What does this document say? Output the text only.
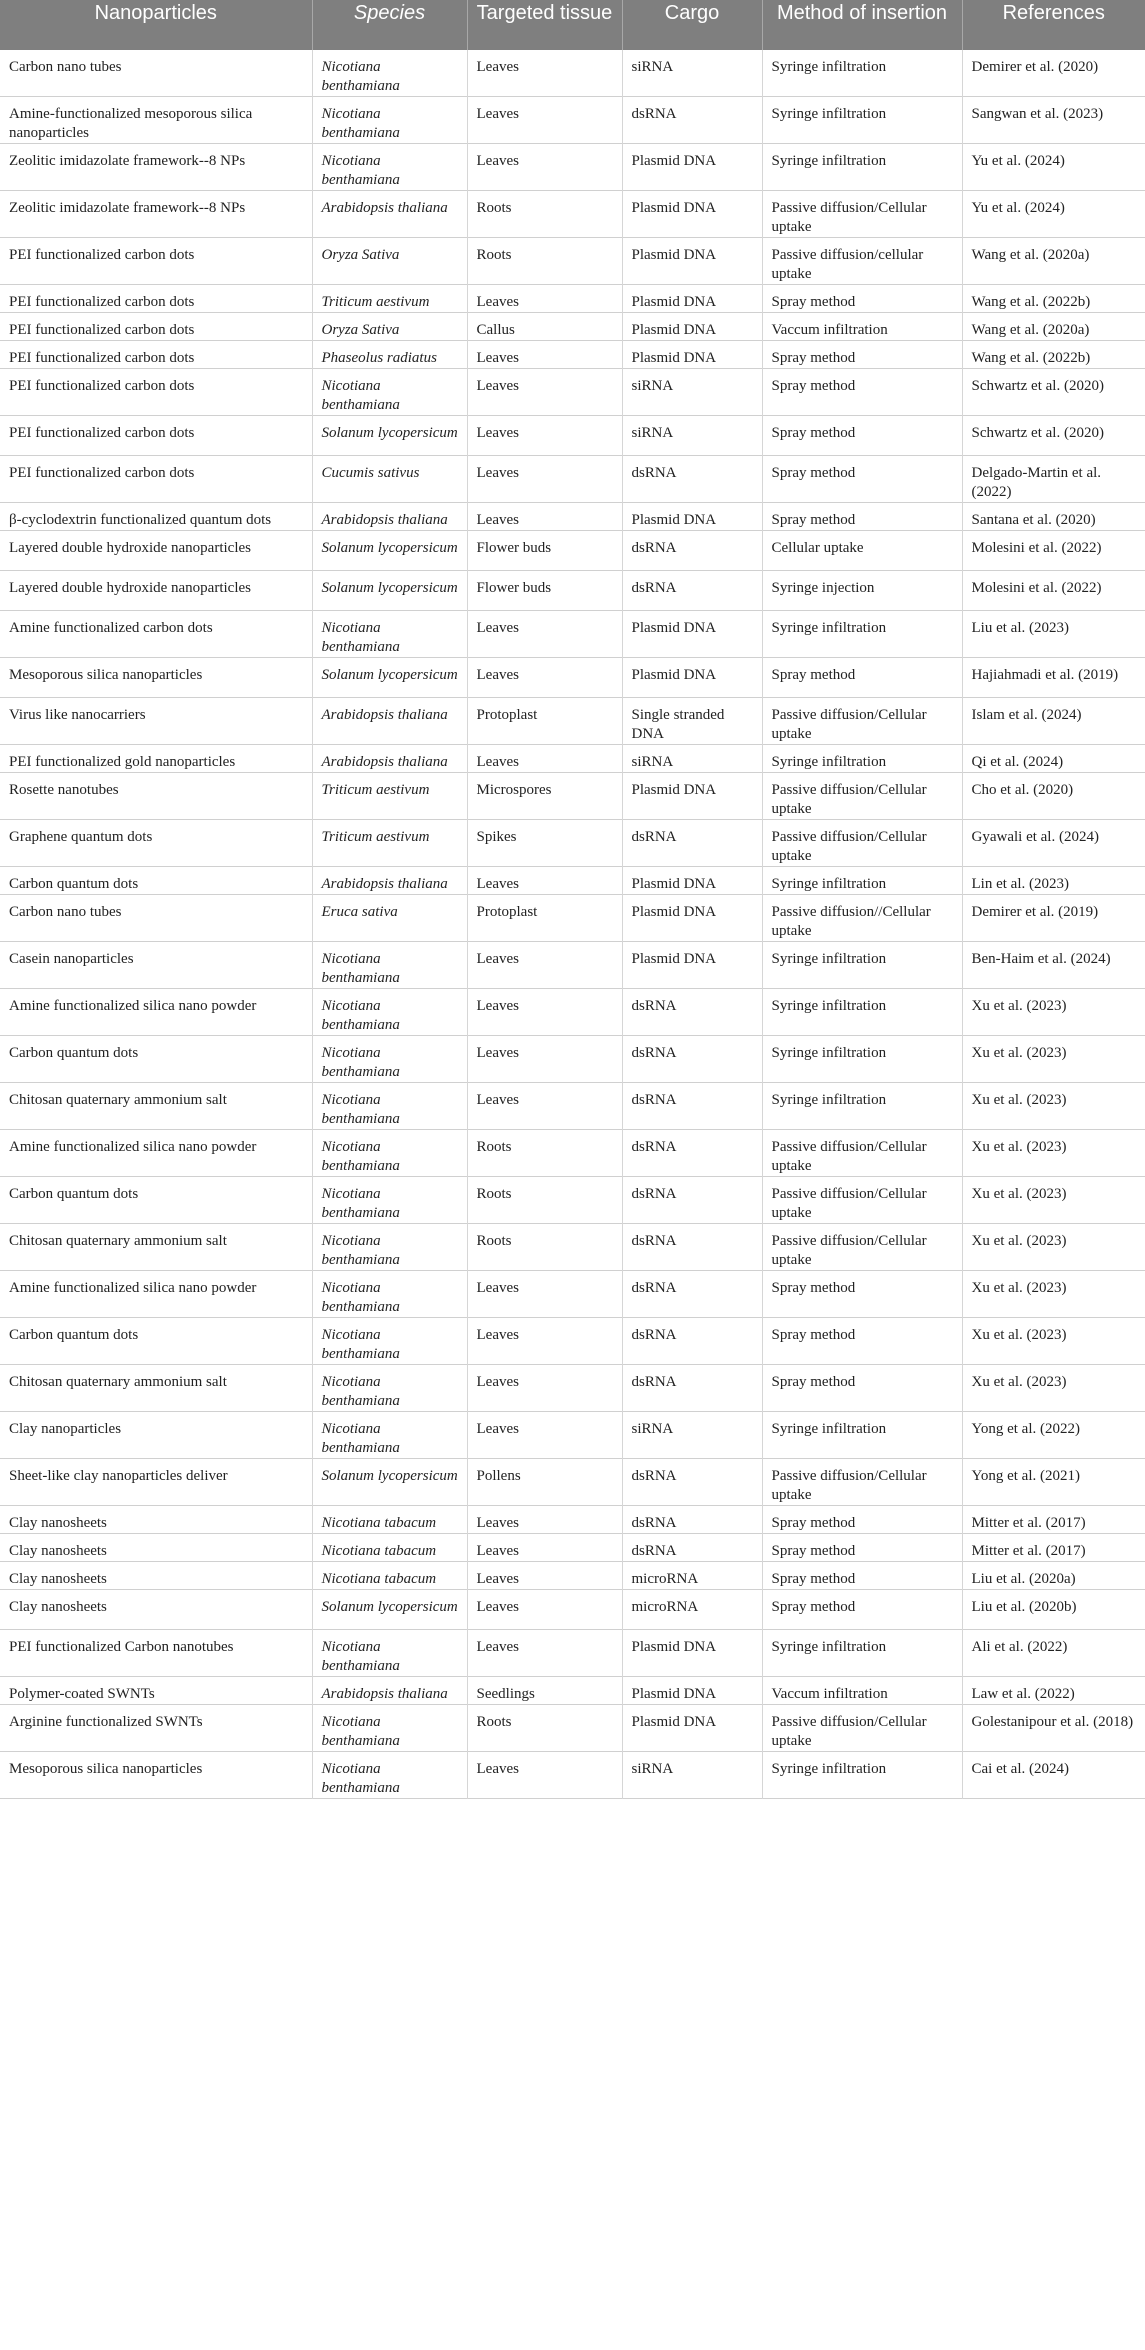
Nanoparticles	Species	Targeted tissue	Cargo	Method of insertion	References
Carbon nano tubes	Nicotiana benthamiana	Leaves	siRNA	Syringe infiltration	Demirer et al. (2020)
Amine-functionalized mesoporous silica nanoparticles	Nicotiana benthamiana	Leaves	dsRNA	Syringe infiltration	Sangwan et al. (2023)
Zeolitic imidazolate framework--8 NPs	Nicotiana benthamiana	Leaves	Plasmid DNA	Syringe infiltration	Yu et al. (2024)
Zeolitic imidazolate framework--8 NPs	Arabidopsis thaliana	Roots	Plasmid DNA	Passive diffusion/Cellular uptake	Yu et al. (2024)
PEI functionalized carbon dots	Oryza Sativa	Roots	Plasmid DNA	Passive diffusion/cellular uptake	Wang et al. (2020a)
PEI functionalized carbon dots	Triticum aestivum	Leaves	Plasmid DNA	Spray method	Wang et al. (2022b)
PEI functionalized carbon dots	Oryza Sativa	Callus	Plasmid DNA	Vaccum infiltration	Wang et al. (2020a)
PEI functionalized carbon dots	Phaseolus radiatus	Leaves	Plasmid DNA	Spray method	Wang et al. (2022b)
PEI functionalized carbon dots	Nicotiana benthamiana	Leaves	siRNA	Spray method	Schwartz et al. (2020)
PEI functionalized carbon dots	Solanum lycopersicum	Leaves	siRNA	Spray method	Schwartz et al. (2020)
PEI functionalized carbon dots	Cucumis sativus	Leaves	dsRNA	Spray method	Delgado-Martin et al. (2022)
β-cyclodextrin functionalized quantum dots	Arabidopsis thaliana	Leaves	Plasmid DNA	Spray method	Santana et al. (2020)
Layered double hydroxide nanoparticles	Solanum lycopersicum	Flower buds	dsRNA	Cellular uptake	Molesini et al. (2022)
Layered double hydroxide nanoparticles	Solanum lycopersicum	Flower buds	dsRNA	Syringe injection	Molesini et al. (2022)
Amine functionalized carbon dots	Nicotiana benthamiana	Leaves	Plasmid DNA	Syringe infiltration	Liu et al. (2023)
Mesoporous silica nanoparticles	Solanum lycopersicum	Leaves	Plasmid DNA	Spray method	Hajiahmadi et al. (2019)
Virus like nanocarriers	Arabidopsis thaliana	Protoplast	Single stranded DNA	Passive diffusion/Cellular uptake	Islam et al. (2024)
PEI functionalized gold nanoparticles	Arabidopsis thaliana	Leaves	siRNA	Syringe infiltration	Qi et al. (2024)
Rosette nanotubes	Triticum aestivum	Microspores	Plasmid DNA	Passive diffusion/Cellular uptake	Cho et al. (2020)
Graphene quantum dots	Triticum aestivum	Spikes	dsRNA	Passive diffusion/Cellular uptake	Gyawali et al. (2024)
Carbon quantum dots	Arabidopsis thaliana	Leaves	Plasmid DNA	Syringe infiltration	Lin et al. (2023)
Carbon nano tubes	Eruca sativa	Protoplast	Plasmid DNA	Passive diffusion//Cellular uptake	Demirer et al. (2019)
Casein nanoparticles	Nicotiana benthamiana	Leaves	Plasmid DNA	Syringe infiltration	Ben-Haim et al. (2024)
Amine functionalized silica nano powder	Nicotiana benthamiana	Leaves	dsRNA	Syringe infiltration	Xu et al. (2023)
Carbon quantum dots	Nicotiana benthamiana	Leaves	dsRNA	Syringe infiltration	Xu et al. (2023)
Chitosan quaternary ammonium salt	Nicotiana benthamiana	Leaves	dsRNA	Syringe infiltration	Xu et al. (2023)
Amine functionalized silica nano powder	Nicotiana benthamiana	Roots	dsRNA	Passive diffusion/Cellular uptake	Xu et al. (2023)
Carbon quantum dots	Nicotiana benthamiana	Roots	dsRNA	Passive diffusion/Cellular uptake	Xu et al. (2023)
Chitosan quaternary ammonium salt	Nicotiana benthamiana	Roots	dsRNA	Passive diffusion/Cellular uptake	Xu et al. (2023)
Amine functionalized silica nano powder	Nicotiana benthamiana	Leaves	dsRNA	Spray method	Xu et al. (2023)
Carbon quantum dots	Nicotiana benthamiana	Leaves	dsRNA	Spray method	Xu et al. (2023)
Chitosan quaternary ammonium salt	Nicotiana benthamiana	Leaves	dsRNA	Spray method	Xu et al. (2023)
Clay nanoparticles	Nicotiana benthamiana	Leaves	siRNA	Syringe infiltration	Yong et al. (2022)
Sheet-like clay nanoparticles deliver	Solanum lycopersicum	Pollens	dsRNA	Passive diffusion/Cellular uptake	Yong et al. (2021)
Clay nanosheets	Nicotiana tabacum	Leaves	dsRNA	Spray method	Mitter et al. (2017)
Clay nanosheets	Nicotiana tabacum	Leaves	dsRNA	Spray method	Mitter et al. (2017)
Clay nanosheets	Nicotiana tabacum	Leaves	microRNA	Spray method	Liu et al. (2020a)
Clay nanosheets	Solanum lycopersicum	Leaves	microRNA	Spray method	Liu et al. (2020b)
PEI functionalized Carbon nanotubes	Nicotiana benthamiana	Leaves	Plasmid DNA	Syringe infiltration	Ali et al. (2022)
Polymer-coated SWNTs	Arabidopsis thaliana	Seedlings	Plasmid DNA	Vaccum infiltration	Law et al. (2022)
Arginine functionalized SWNTs	Nicotiana benthamiana	Roots	Plasmid DNA	Passive diffusion/Cellular uptake	Golestanipour et al. (2018)
Mesoporous silica nanoparticles	Nicotiana benthamiana	Leaves	siRNA	Syringe infiltration	Cai et al. (2024)
